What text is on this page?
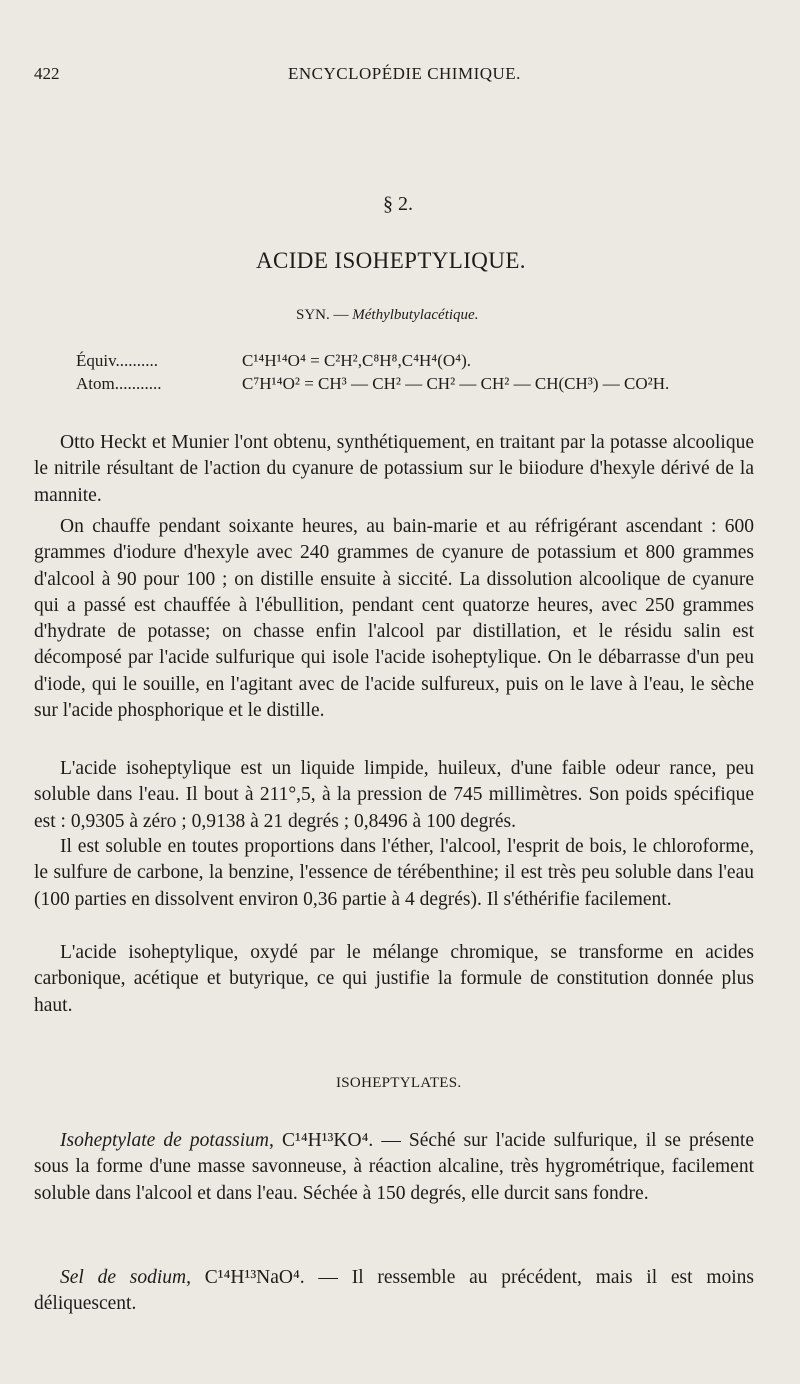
422	ENCYCLOPÉDIE CHIMIQUE.
§ 2.
ACIDE ISOHEPTYLIQUE.
SYN. — Méthylbutylacétique.
Équiv..........	C¹⁴H¹⁴O⁴ = C²H²,C⁸H⁸,C⁴H⁴(O⁴).
Atom...........	C⁷H¹⁴O² = CH³ — CH² — CH² — CH² — CH(CH³) — CO²H.
Otto Heckt et Munier l'ont obtenu, synthétiquement, en traitant par la potasse alcoolique le nitrile résultant de l'action du cyanure de potassium sur le biiodure d'hexyle dérivé de la mannite.
On chauffe pendant soixante heures, au bain-marie et au réfrigérant ascendant : 600 grammes d'iodure d'hexyle avec 240 grammes de cyanure de potassium et 800 grammes d'alcool à 90 pour 100 ; on distille ensuite à siccité. La dissolution alcoolique de cyanure qui a passé est chauffée à l'ébullition, pendant cent quatorze heures, avec 250 grammes d'hydrate de potasse; on chasse enfin l'alcool par distillation, et le résidu salin est décomposé par l'acide sulfurique qui isole l'acide isoheptylique. On le débarrasse d'un peu d'iode, qui le souille, en l'agitant avec de l'acide sulfureux, puis on le lave à l'eau, le sèche sur l'acide phosphorique et le distille.
L'acide isoheptylique est un liquide limpide, huileux, d'une faible odeur rance, peu soluble dans l'eau. Il bout à 211°,5, à la pression de 745 millimètres. Son poids spécifique est : 0,9305 à zéro ; 0,9138 à 21 degrés ; 0,8496 à 100 degrés.
Il est soluble en toutes proportions dans l'éther, l'alcool, l'esprit de bois, le chloroforme, le sulfure de carbone, la benzine, l'essence de térébenthine; il est très peu soluble dans l'eau (100 parties en dissolvent environ 0,36 partie à 4 degrés). Il s'éthérifie facilement.
L'acide isoheptylique, oxydé par le mélange chromique, se transforme en acides carbonique, acétique et butyrique, ce qui justifie la formule de constitution donnée plus haut.
ISOHEPTYLATES.
Isoheptylate de potassium, C¹⁴H¹³KO⁴. — Séché sur l'acide sulfurique, il se présente sous la forme d'une masse savonneuse, à réaction alcaline, très hygrométrique, facilement soluble dans l'alcool et dans l'eau. Séchée à 150 degrés, elle durcit sans fondre.
Sel de sodium, C¹⁴H¹³NaO⁴. — Il ressemble au précédent, mais il est moins déliquescent.
